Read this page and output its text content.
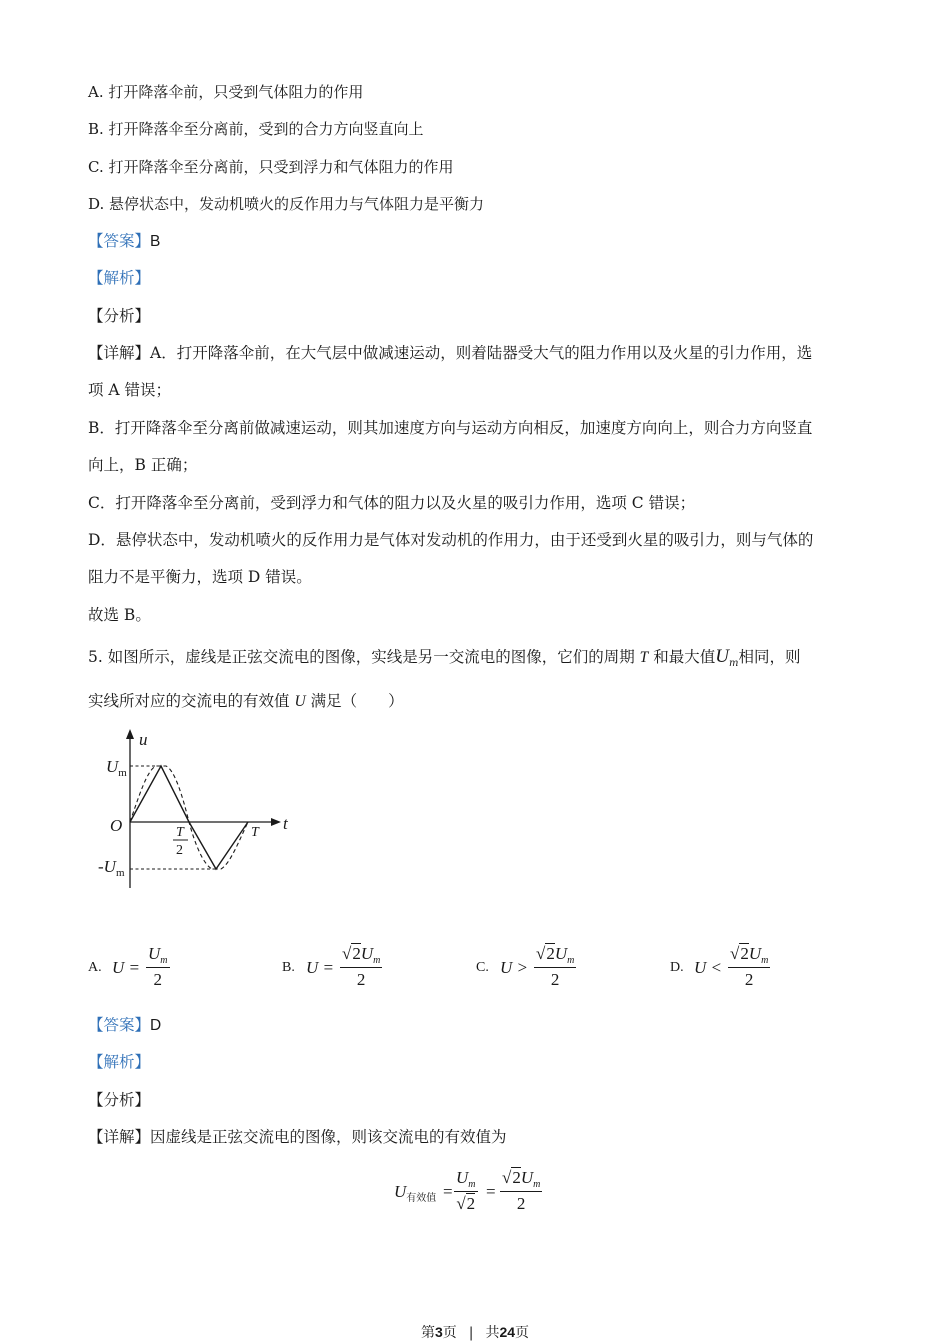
A. 打开降落伞前，只受到气体阻力的作用
B. 打开降落伞至分离前，受到的合力方向竖直向上
C. 打开降落伞至分离前，只受到浮力和气体阻力的作用
D. 悬停状态中，发动机喷火的反作用力与气体阻力是平衡力
【答案】B
【解析】
【分析】
【详解】A．打开降落伞前，在大气层中做减速运动，则着陆器受大气的阻力作用以及火星的引力作用，选
项 A 错误；
B．打开降落伞至分离前做减速运动，则其加速度方向与运动方向相反，加速度方向向上，则合力方向竖直
向上，B 正确；
C．打开降落伞至分离前，受到浮力和气体的阻力以及火星的吸引力作用，选项 C 错误；
D．悬停状态中，发动机喷火的反作用力是气体对发动机的作用力，由于还受到火星的吸引力，则与气体的
阻力不是平衡力，选项 D 错误。
故选 B。
5. 如图所示，虚线是正弦交流电的图像，实线是另一交流电的图像，它们的周期 T 和最大值$U_m$相同，则
实线所对应的交流电的有效值 U 满足（　　）
u
t
O
$U_m$
$-U_m$
T
2
T
A. U =
$U_m$
2
B. U =
$√2U_m$
2
C. U >
$√2U_m$
2
D. U <
$√2U_m$
2
【答案】D
【解析】
【分析】
【详解】因虚线是正弦交流电的图像，则该交流电的有效值为
$U_{有效值}$ =
$U_m$
√2
=
$√2U_m$
2
第3页 | 共24页
